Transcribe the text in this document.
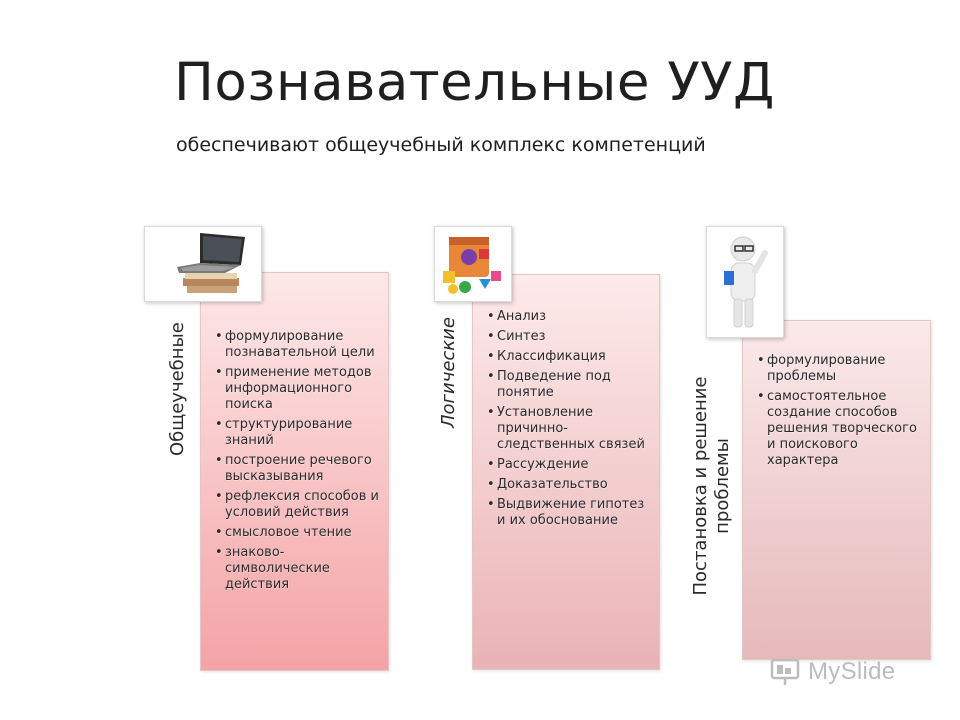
Познавательные УУД
обеспечивают общеучебный комплекс компетенций
• формулирование познавательной цели
• применение методов информационного поиска
• структурирование знаний
• построение речевого высказывания
• рефлексия способов и условий действия
• смысловое чтение
• знаково-символические действия
Общеучебные
• Анализ
• Синтез
• Классификация
• Подведение под понятие
• Установление причинно-следственных связей
• Рассуждение
• Доказательство
• Выдвижение гипотез и их обоснование
Логические
•	формулирование проблемы
• самостоятельное создание способов решения творческого и поискового характера
Постановка и решение проблемы
MySlide
